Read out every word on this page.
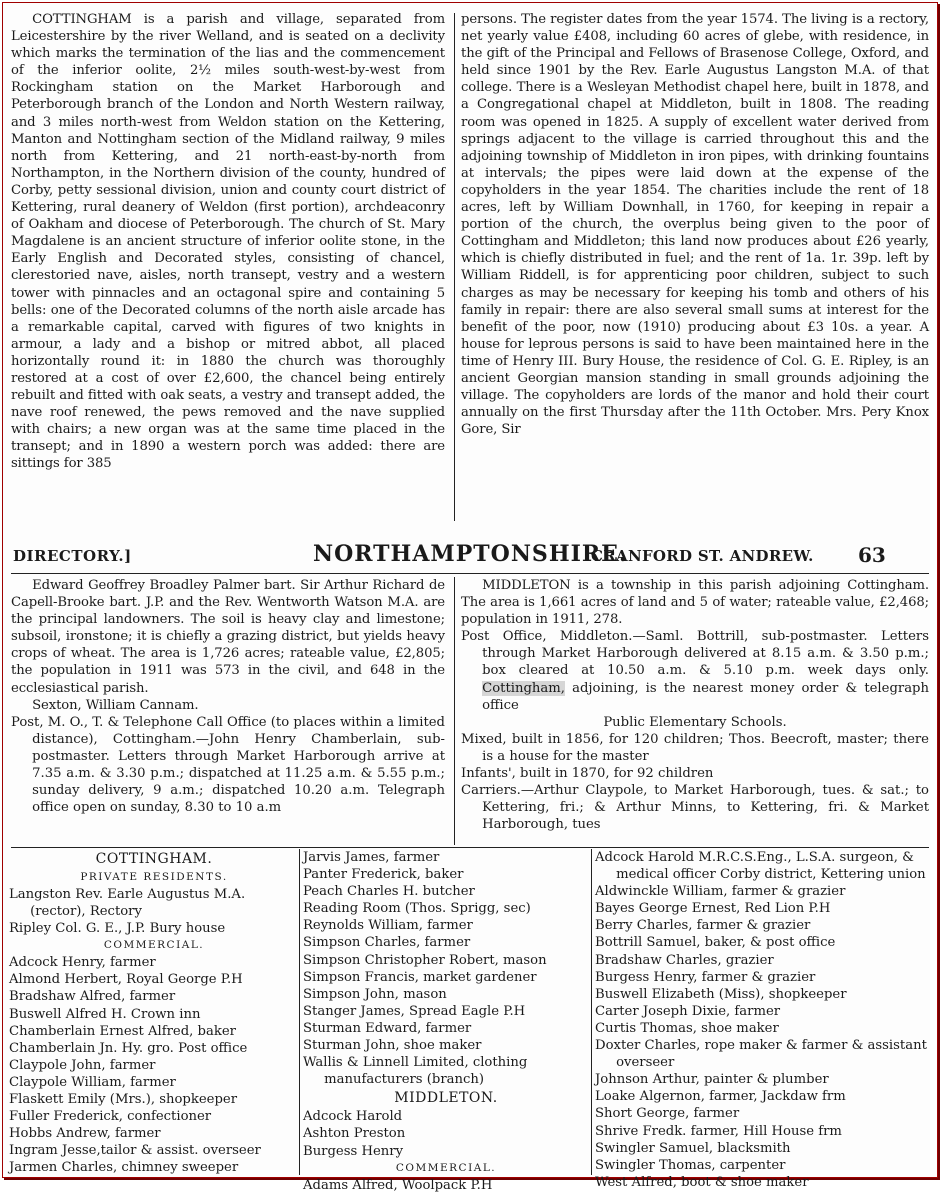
COTTINGHAM is a parish and village, separated from Leicestershire by the river Welland, and is seated on a declivity which marks the termination of the lias and the commencement of the inferior oolite, 2½ miles south-west-by-west from Rockingham station on the Market Harborough and Peterborough branch of the London and North Western railway, and 3 miles north-west from Weldon station on the Kettering, Manton and Nottingham section of the Midland railway, 9 miles north from Kettering, and 21 north-east-by-north from Northampton, in the Northern division of the county, hundred of Corby, petty sessional division, union and county court district of Kettering, rural deanery of Weldon (first portion), archdeaconry of Oakham and diocese of Peterborough. The church of St. Mary Magdalene is an ancient structure of inferior oolite stone, in the Early English and Decorated styles, consisting of chancel, clerestoried nave, aisles, north transept, vestry and a western tower with pinnacles and an octagonal spire and containing 5 bells: one of the Decorated columns of the north aisle arcade has a remarkable capital, carved with figures of two knights in armour, a lady and a bishop or mitred abbot, all placed horizontally round it: in 1880 the church was thoroughly restored at a cost of over £2,600, the chancel being entirely rebuilt and fitted with oak seats, a vestry and transept added, the nave roof renewed, the pews removed and the nave supplied with chairs; a new organ was at the same time placed in the transept; and in 1890 a western porch was added: there are sittings for 385

persons. The register dates from the year 1574. The living is a rectory, net yearly value £408, including 60 acres of glebe, with residence, in the gift of the Principal and Fellows of Brasenose College, Oxford, and held since 1901 by the Rev. Earle Augustus Langston M.A. of that college. There is a Wesleyan Methodist chapel here, built in 1878, and a Congregational chapel at Middleton, built in 1808. The reading room was opened in 1825. A supply of excellent water derived from springs adjacent to the village is carried throughout this and the adjoining township of Middleton in iron pipes, with drinking fountains at intervals; the pipes were laid down at the expense of the copyholders in the year 1854. The charities include the rent of 18 acres, left by William Downhall, in 1760, for keeping in repair a portion of the church, the overplus being given to the poor of Cottingham and Middleton; this land now produces about £26 yearly, which is chiefly distributed in fuel; and the rent of 1a. 1r. 39p. left by William Riddell, is for apprenticing poor children, subject to such charges as may be necessary for keeping his tomb and others of his family in repair: there are also several small sums at interest for the benefit of the poor, now (1910) producing about £3 10s. a year. A house for leprous persons is said to have been maintained here in the time of Henry III. Bury House, the residence of Col. G. E. Ripley, is an ancient Georgian mansion standing in small grounds adjoining the village. The copyholders are lords of the manor and hold their court annually on the first Thursday after the 11th October. Mrs. Pery Knox Gore, Sir

DIRECTORY.]	NORTHAMPTONSHIRE.
CRANFORD ST. ANDREW. 63

Edward Geoffrey Broadley Palmer bart. Sir Arthur Richard de Capell-Brooke bart. J.P. and the Rev. Wentworth Watson M.A. are the principal landowners. The soil is heavy clay and limestone; subsoil, ironstone; it is chiefly a grazing district, but yields heavy crops of wheat. The area is 1,726 acres; rateable value, £2,805; the population in 1911 was 573 in the civil, and 648 in the ecclesiastical parish.

Sexton, William Cannam.

Post, M. O., T. & Telephone Call Office (to places within a limited distance), Cottingham.—John Henry Chamberlain, sub-postmaster. Letters through Market Harborough arrive at 7.35 a.m. & 3.30 p.m.; dispatched at 11.25 a.m. & 5.55 p.m.; sunday delivery, 9 a.m.; dispatched 10.20 a.m. Telegraph office open on sunday, 8.30 to 10 a.m

MIDDLETON is a township in this parish adjoining Cottingham. The area is 1,661 acres of land and 5 of water; rateable value, £2,468; population in 1911, 278.

Post Office, Middleton.—Saml. Bottrill, sub-postmaster. Letters through Market Harborough delivered at 8.15 a.m. & 3.50 p.m.; box cleared at 10.50 a.m. & 5.10 p.m. week days only. Cottingham, adjoining, is the nearest money order & telegraph office

Public Elementary Schools.

Mixed, built in 1856, for 120 children; Thos. Beecroft, master; there is a house for the master

Infants', built in 1870, for 92 children

Carriers.—Arthur Claypole, to Market Harborough, tues. & sat.; to Kettering, fri.; & Arthur Minns, to Kettering, fri. & Market Harborough, tues

COTTINGHAM.

PRIVATE RESIDENTS.

Langston Rev. Earle Augustus M.A. (rector), Rectory

Ripley Col. G. E., J.P. Bury house

COMMERCIAL.

Adcock Henry, farmer

Almond Herbert, Royal George P.H

Bradshaw Alfred, farmer

Buswell Alfred H. Crown inn

Chamberlain Ernest Alfred, baker

Chamberlain Jn. Hy. gro. Post office

Claypole John, farmer

Claypole William, farmer

Flaskett Emily (Mrs.), shopkeeper

Fuller Frederick, confectioner

Hobbs Andrew, farmer

Ingram Jesse,tailor & assist. overseer

Jarmen Charles, chimney sweeper

Jarvis James, farmer

Panter Frederick, baker

Peach Charles H. butcher

Reading Room (Thos. Sprigg, sec)

Reynolds William, farmer

Simpson Charles, farmer

Simpson Christopher Robert, mason

Simpson Francis, market gardener

Simpson John, mason

Stanger James, Spread Eagle P.H

Sturman Edward, farmer

Sturman John, shoe maker

Wallis & Linnell Limited, clothing manufacturers (branch)

MIDDLETON.

Adcock Harold

Ashton Preston

Burgess Henry

COMMERCIAL.

Adams Alfred, Woolpack P.H

Adcock Harold M.R.C.S.Eng., L.S.A. surgeon, & medical officer Corby district, Kettering union

Aldwinckle William, farmer & grazier

Bayes George Ernest, Red Lion P.H

Berry Charles, farmer & grazier

Bottrill Samuel, baker, & post office

Bradshaw Charles, grazier

Burgess Henry, farmer & grazier

Buswell Elizabeth (Miss), shopkeeper

Carter Joseph Dixie, farmer

Curtis Thomas, shoe maker

Doxter Charles, rope maker & farmer & assistant overseer

Johnson Arthur, painter & plumber

Loake Algernon, farmer, Jackdaw frm

Short George, farmer

Shrive Fredk. farmer, Hill House frm

Swingler Samuel, blacksmith

Swingler Thomas, carpenter

West Alfred, boot & shoe maker
